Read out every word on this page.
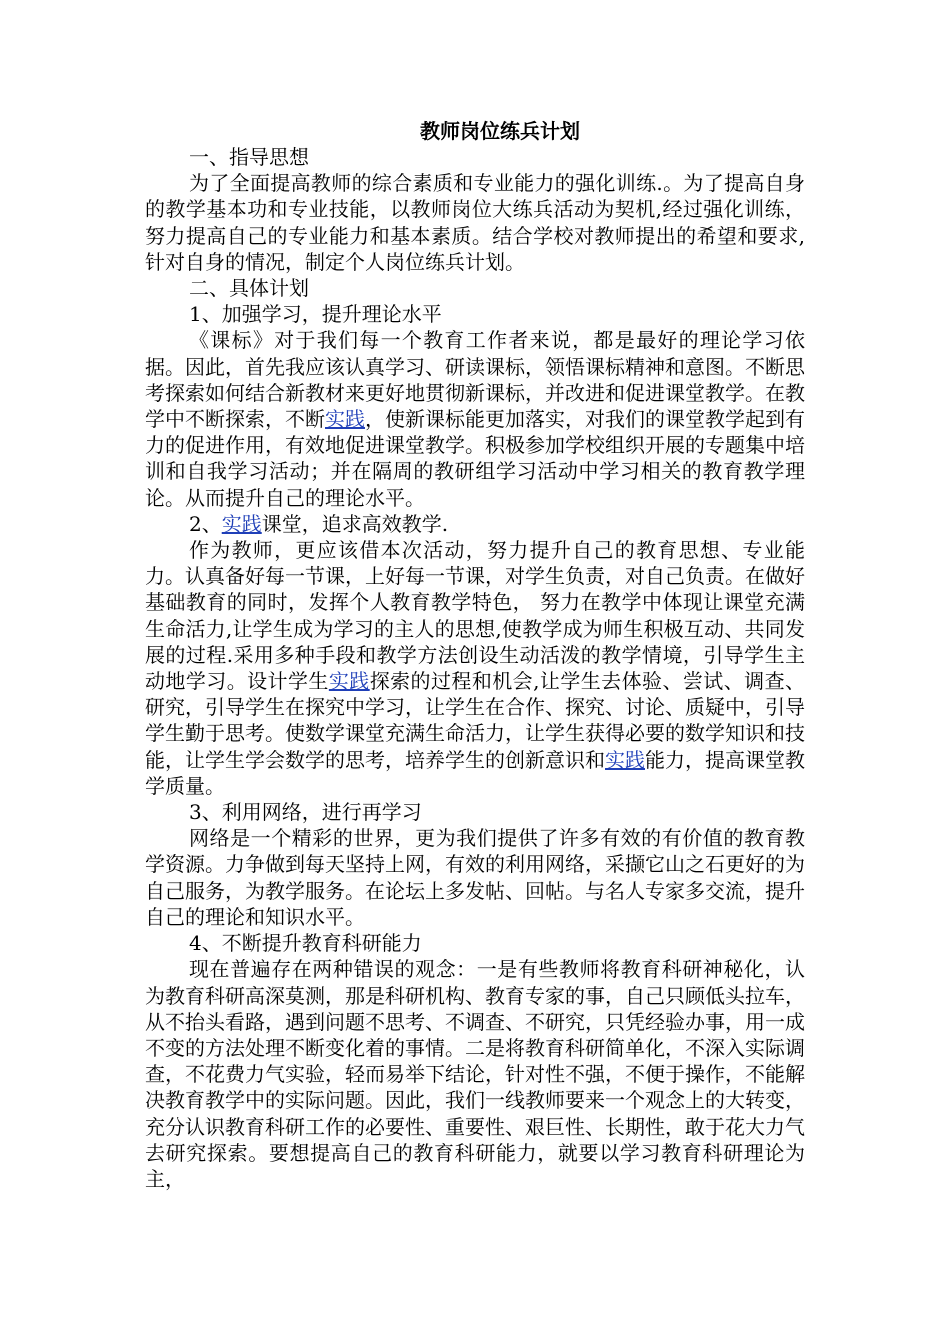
教师岗位练兵计划

一、指导思想

为了全面提高教师的综合素质和专业能力的强化训练.。为了提高自身的教学基本功和专业技能，以教师岗位大练兵活动为契机,经过强化训练，努力提高自己的专业能力和基本素质。结合学校对教师提出的希望和要求,针对自身的情况，制定个人岗位练兵计划。

二、具体计划

1、加强学习，提升理论水平

《课标》对于我们每一个教育工作者来说，都是最好的理论学习依据。因此，首先我应该认真学习、研读课标，领悟课标精神和意图。不断思考探索如何结合新教材来更好地贯彻新课标，并改进和促进课堂教学。在教学中不断探索，不断实践，使新课标能更加落实，对我们的课堂教学起到有力的促进作用，有效地促进课堂教学。积极参加学校组织开展的专题集中培训和自我学习活动；并在隔周的教研组学习活动中学习相关的教育教学理论。从而提升自己的理论水平。

2、实践课堂，追求高效教学.

作为教师，更应该借本次活动，努力提升自己的教育思想、专业能力。认真备好每一节课，上好每一节课，对学生负责，对自己负责。在做好基础教育的同时，发挥个人教育教学特色， 努力在教学中体现让课堂充满生命活力,让学生成为学习的主人的思想,使教学成为师生积极互动、共同发展的过程.采用多种手段和教学方法创设生动活泼的教学情境，引导学生主动地学习。设计学生实践探索的过程和机会,让学生去体验、尝试、调查、研究，引导学生在探究中学习，让学生在合作、探究、讨论、质疑中，引导学生勤于思考。使数学课堂充满生命活力，让学生获得必要的数学知识和技能，让学生学会数学的思考，培养学生的创新意识和实践能力，提高课堂教学质量。

3、利用网络，进行再学习

网络是一个精彩的世界，更为我们提供了许多有效的有价值的教育教学资源。力争做到每天坚持上网，有效的利用网络，采撷它山之石更好的为自己服务，为教学服务。在论坛上多发帖、回帖。与名人专家多交流，提升自己的理论和知识水平。

4、不断提升教育科研能力

现在普遍存在两种错误的观念：一是有些教师将教育科研神秘化，认为教育科研高深莫测，那是科研机构、教育专家的事，自己只顾低头拉车，从不抬头看路，遇到问题不思考、不调查、不研究，只凭经验办事，用一成不变的方法处理不断变化着的事情。二是将教育科研简单化，不深入实际调查，不花费力气实验，轻而易举下结论，针对性不强，不便于操作，不能解决教育教学中的实际问题。因此，我们一线教师要来一个观念上的大转变，充分认识教育科研工作的必要性、重要性、艰巨性、长期性，敢于花大力气去研究探索。要想提高自己的教育科研能力，就要以学习教育科研理论为主，
